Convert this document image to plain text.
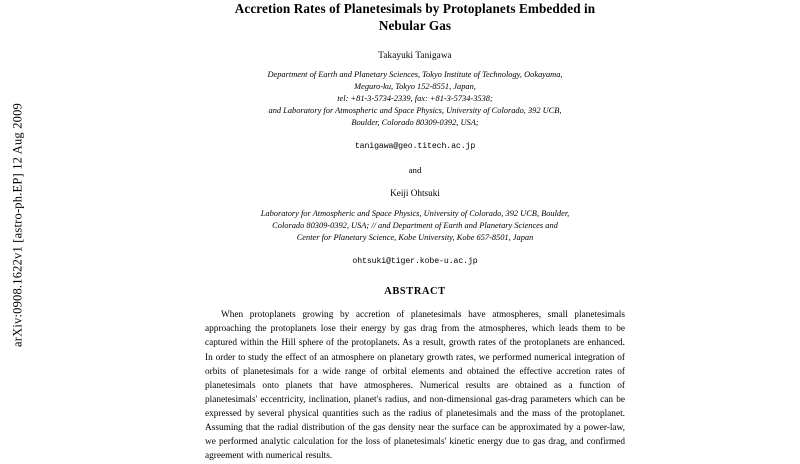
arXiv:0908.1622v1 [astro-ph.EP] 12 Aug 2009
Accretion Rates of Planetesimals by Protoplanets Embedded in
Nebular Gas
Takayuki Tanigawa
Department of Earth and Planetary Sciences, Tokyo Institute of Technology, Ookayama,
Meguro-ku, Tokyo 152-8551, Japan,
tel: +81-3-5734-2339, fax: +81-3-5734-3538;
and Laboratory for Atmospheric and Space Physics, University of Colorado, 392 UCB,
Boulder, Colorado 80309-0392, USA;
tanigawa@geo.titech.ac.jp
and
Keiji Ohtsuki
Laboratory for Atmospheric and Space Physics, University of Colorado, 392 UCB, Boulder,
Colorado 80309-0392, USA; // and Department of Earth and Planetary Sciences and
Center for Planetary Science, Kobe University, Kobe 657-8501, Japan
ohtsuki@tiger.kobe-u.ac.jp
ABSTRACT
When protoplanets growing by accretion of planetesimals have atmospheres, small planetesimals approaching the protoplanets lose their energy by gas drag from the atmospheres, which leads them to be captured within the Hill sphere of the protoplanets. As a result, growth rates of the protoplanets are enhanced. In order to study the effect of an atmosphere on planetary growth rates, we performed numerical integration of orbits of planetesimals for a wide range of orbital elements and obtained the effective accretion rates of planetesimals onto planets that have atmospheres. Numerical results are obtained as a function of planetesimals' eccentricity, inclination, planet's radius, and non-dimensional gas-drag parameters which can be expressed by several physical quantities such as the radius of planetesimals and the mass of the protoplanet. Assuming that the radial distribution of the gas density near the surface can be approximated by a power-law, we performed analytic calculation for the loss of planetesimals' kinetic energy due to gas drag, and confirmed agreement with numerical results.
